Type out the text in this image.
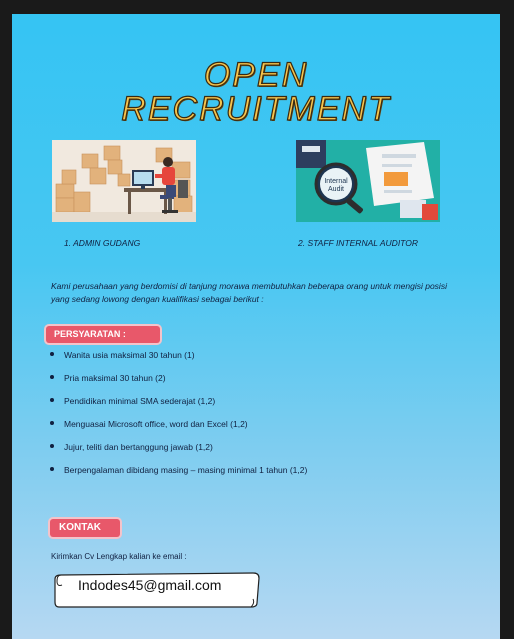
OPEN
RECRUITMENT
Internal
Audit
1. ADMIN GUDANG	2. STAFF INTERNAL AUDITOR
Kami perusahaan yang berdomisi di tanjung morawa membutuhkan beberapa orang untuk mengisi posisi yang sedang lowong dengan kualifikasi sebagai berikut :
PERSYARATAN :
Wanita usia maksimal 30 tahun (1)
Pria maksimal 30 tahun (2)
Pendidikan minimal SMA sederajat (1,2)
Menguasai Microsoft office, word dan Excel (1,2)
Jujur, teliti dan bertanggung jawab (1,2)
Berpengalaman dibidang masing – masing minimal 1 tahun (1,2)
KONTAK
Kirimkan Cv Lengkap kalian ke email :
Indodes45@gmail.com
